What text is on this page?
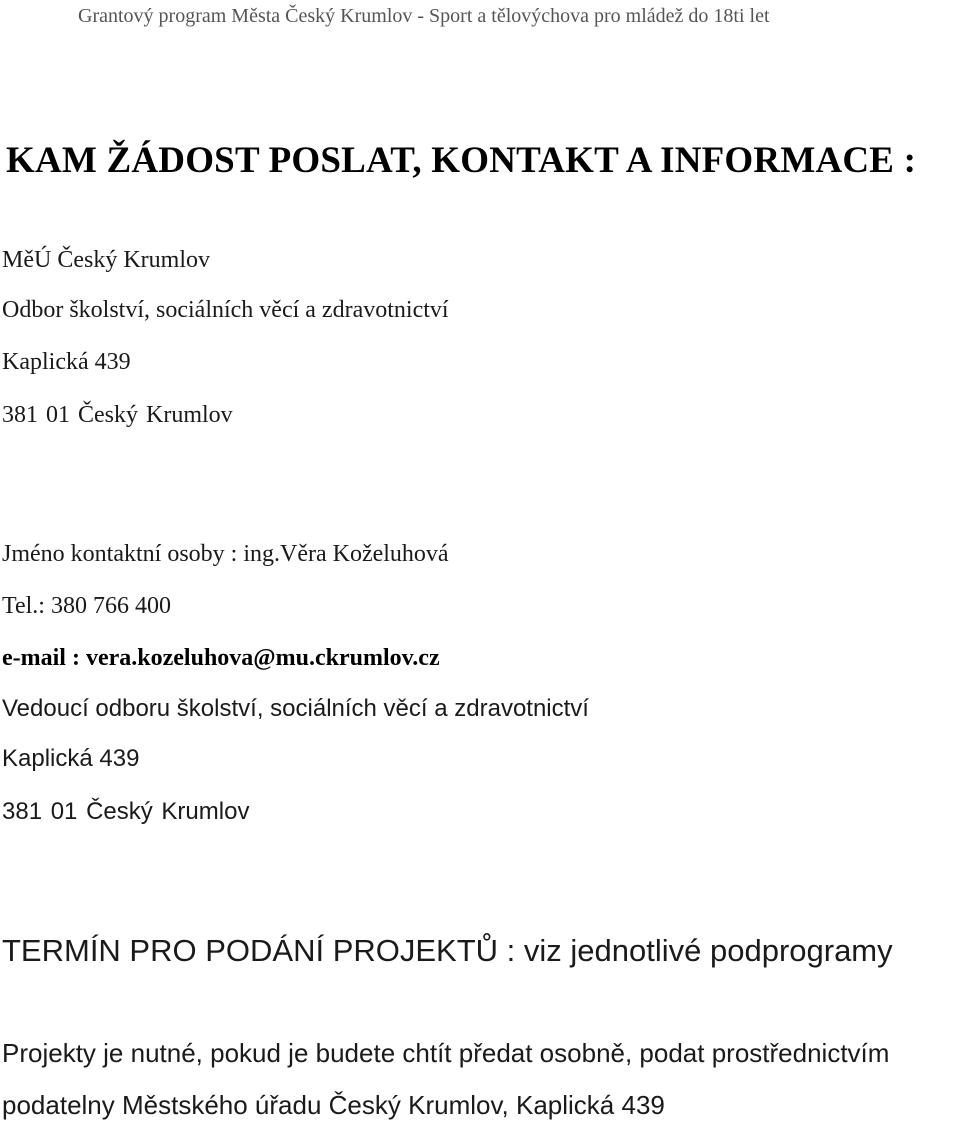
Grantový program Města Český Krumlov - Sport a tělovýchova pro mládež do 18ti let
KAM ŽÁDOST POSLAT, KONTAKT A INFORMACE :
MěÚ Český Krumlov
Odbor školství, sociálních věcí a zdravotnictví
Kaplická 439
381 01 Český Krumlov
Jméno kontaktní osoby : ing.Věra Koželuhová
Tel.: 380 766 400
e-mail : vera.kozeluhova@mu.ckrumlov.cz
Vedoucí odboru školství, sociálních věcí a zdravotnictví
Kaplická 439
381 01 Český Krumlov
TERMÍN PRO PODÁNÍ PROJEKTŮ : viz jednotlivé podprogramy
Projekty je nutné, pokud je budete chtít předat osobně, podat prostřednictvím
podatelny Městského úřadu Český Krumlov, Kaplická 439
